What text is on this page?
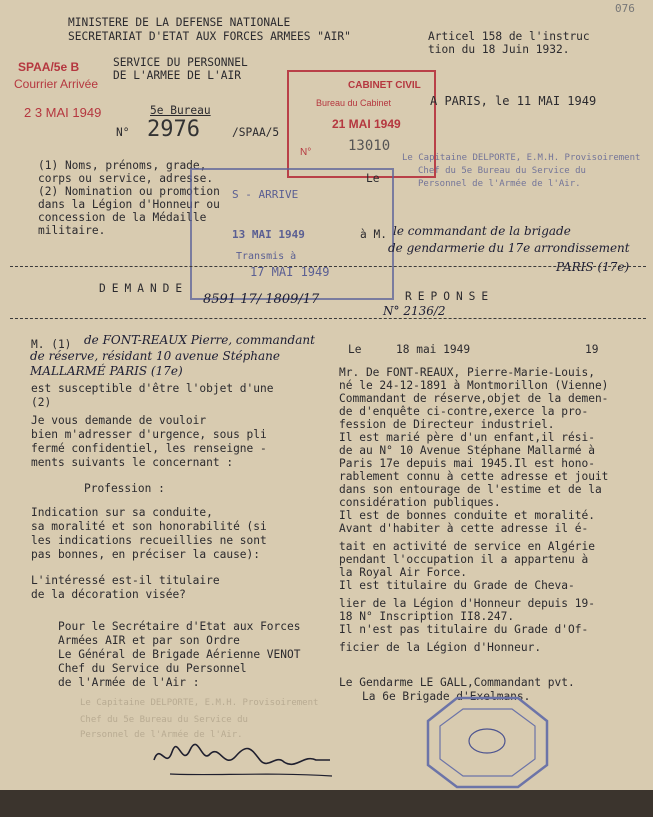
MINISTERE DE LA DEFENSE NATIONALE
SECRETARIAT D'ETAT AUX FORCES ARMEES "AIR"	Articel 158 de l'instruc
tion du 18 Juin 1932.
SERVICE DU PERSONNEL
DE L'ARMEE DE L'AIR
SPAA/5e B
Courrier Arrivée
2 3 MAI 1949	5e Bureau
N° 2976	/SPAA/5
CABINET CIVIL
Bureau du Cabinet
21 MAI 1949
N°	13010
A PARIS, le 11 MAI 1949
Le Capitaine DELPORTE, E.M.H. Provisoirement
Chef du 5e Bureau du Service du
Personnel de l'Armée de l'Air.
(1) Noms, prénoms, grade,
corps ou service, adresse.
(2) Nomination ou promotion
dans la Légion d'Honneur ou
concession de la Médaille
militaire.
Le
S - ARRIVE
13 MAI 1949
Transmis à
17 MAI 1949
à M. le commandant de la brigade
de gendarmerie du 17e arrondissement
PARIS (17e)
DEMANDE
REPONSE
8591 17/ 1809/17
N° 2136/2
M. (1) de FONT-REAUX Pierre, commandant
de réserve, résidant 10 avenue Stéphane
MALLARMÉ PARIS (17e)
est susceptible d'être l'objet d'une
(2)
Je vous demande de vouloir
bien m'adresser d'urgence, sous pli
fermé confidentiel, les renseigne -
ments suivants le concernant :
Profession :
Indication sur sa conduite,
sa moralité et son honorabilité (si
les indications recueillies ne sont
pas bonnes, en préciser la cause):
L'intéressé est-il titulaire
de la décoration visée?
Pour le Secrétaire d'Etat aux Forces
Armées AIR et par son Ordre
Le Général de Brigade Aérienne VENOT
Chef du Service du Personnel
de l'Armée de l'Air :
Le Capitaine DELPORTE, E.M.H. Provisoirement
Chef du 5e Bureau du Service du
Personnel de l'Armée de l'Air.
Le	18 mai 1949	19
Mr. De FONT-REAUX, Pierre-Marie-Louis,
né le 24-12-1891 à Montmorillon (Vienne)
Commandant de réserve,objet de la demen-
de d'enquête ci-contre,exerce la pro-
fession de Directeur industriel.
Il est marié père d'un enfant,il rési-
de au N° 10 Avenue Stéphane Mallarmé à
Paris 17e depuis mai 1945.Il est hono-
rablement connu à cette adresse et jouit
dans son entourage de l'estime et de la
considération publiques.
Il est de bonnes conduite et moralité.
Avant d'habiter à cette adresse il é-
tait en activité de service en Algérie
pendant l'occupation il a appartenu à
la Royal Air Force.
Il est titulaire du Grade de Cheva-
lier de la Légion d'Honneur depuis 19-
18 N° Inscription II8.247.
Il n'est pas titulaire du Grade d'Of-
ficier de la Légion d'Honneur.
Le Gendarme LE GALL,Commandant pvt.
La 6e Brigade d'Exelmans.
076
